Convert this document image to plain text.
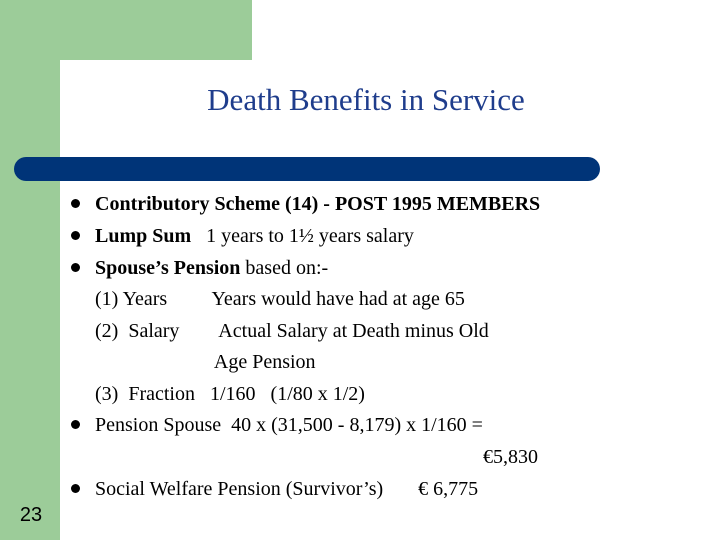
Death Benefits in Service
Contributory Scheme (14) - POST 1995 MEMBERS
Lump Sum   1 years to 1½ years salary
Spouse’s Pension based on:-
(1) Years         Years would have had at age 65
(2)  Salary        Actual Salary at Death minus Old
Age Pension
(3)  Fraction   1/160   (1/80 x 1/2)
Pension Spouse  40 x (31,500 - 8,179) x 1/160 =
€5,830
Social Welfare Pension (Survivor’s)       € 6,775
23
